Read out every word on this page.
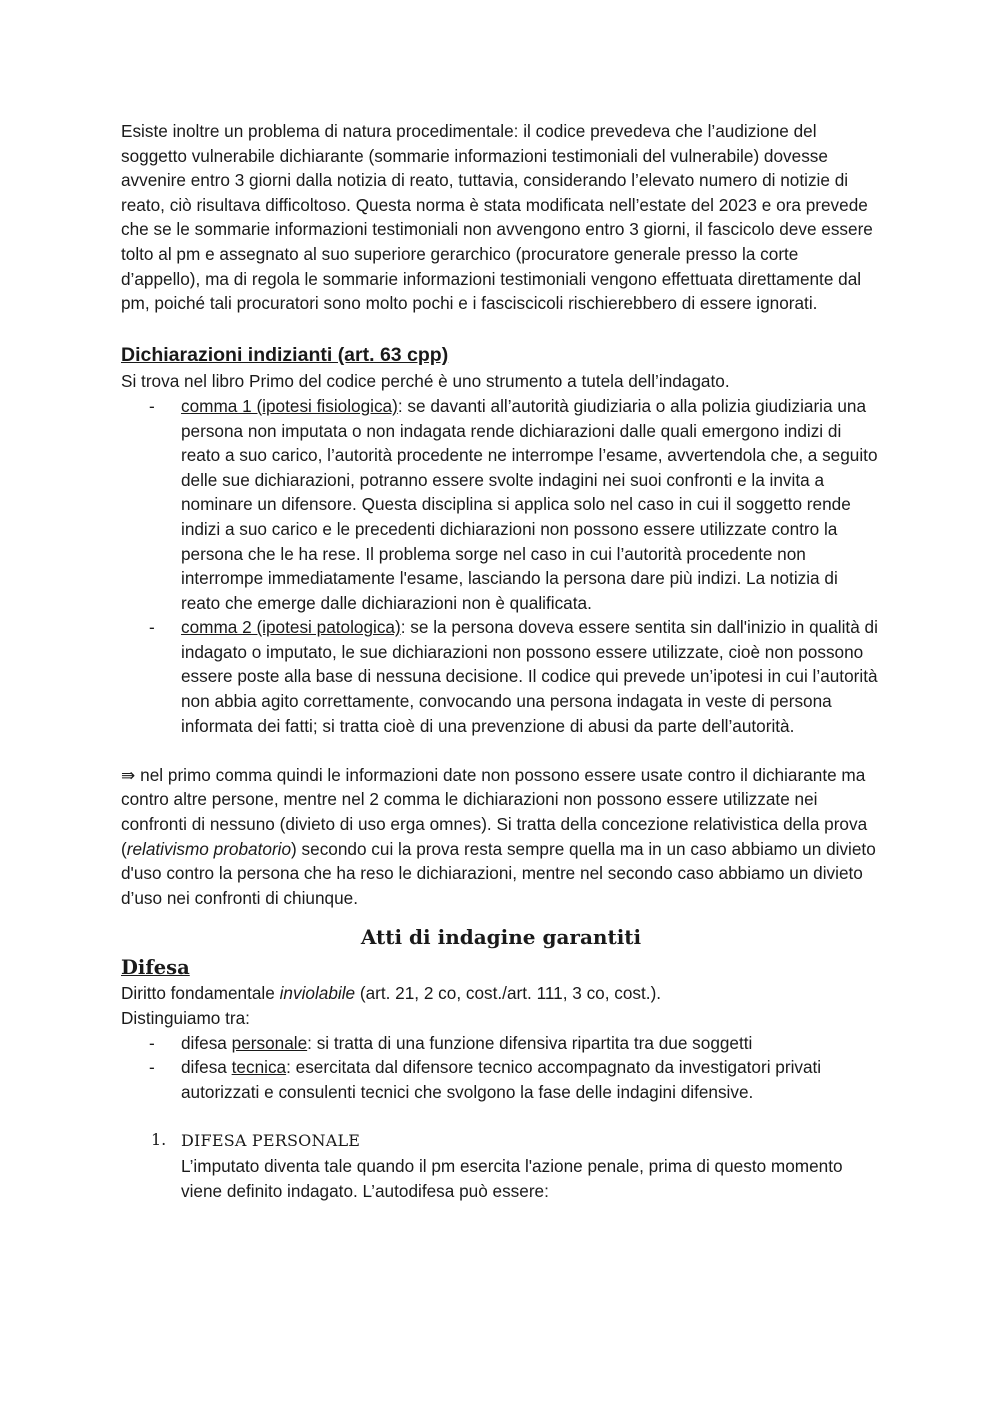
Esiste inoltre un problema di natura procedimentale: il codice prevedeva che l’audizione del soggetto vulnerabile dichiarante (sommarie informazioni testimoniali del vulnerabile) dovesse avvenire entro 3 giorni dalla notizia di reato, tuttavia, considerando l’elevato numero di notizie di reato, ciò risultava difficoltoso. Questa norma è stata modificata nell’estate del 2023 e ora prevede che se le sommarie informazioni testimoniali non avvengono entro 3 giorni, il fascicolo deve essere tolto al pm e assegnato al suo superiore gerarchico (procuratore generale presso la corte d’appello), ma di regola le sommarie informazioni testimoniali vengono effettuata direttamente dal pm, poiché tali procuratori sono molto pochi e i fasciscicoli rischierebbero di essere ignorati.

Dichiarazioni indizianti (art. 63 cpp)

Si trova nel libro Primo del codice perché è uno strumento a tutela dell’indagato.

- comma 1 (ipotesi fisiologica): se davanti all’autorità giudiziaria o alla polizia giudiziaria una persona non imputata o non indagata rende dichiarazioni dalle quali emergono indizi di reato a suo carico, l’autorità procedente ne interrompe l’esame, avvertendola che, a seguito delle sue dichiarazioni, potranno essere svolte indagini nei suoi confronti e la invita a nominare un difensore. Questa disciplina si applica solo nel caso in cui il soggetto rende indizi a suo carico e le precedenti dichiarazioni non possono essere utilizzate contro la persona che le ha rese. Il problema sorge nel caso in cui l’autorità procedente non interrompe immediatamente l'esame, lasciando la persona dare più indizi. La notizia di reato che emerge dalle dichiarazioni non è qualificata.
- comma 2 (ipotesi patologica): se la persona doveva essere sentita sin dall'inizio in qualità di indagato o imputato, le sue dichiarazioni non possono essere utilizzate, cioè non possono essere poste alla base di nessuna decisione. Il codice qui prevede un’ipotesi in cui l’autorità non abbia agito correttamente, convocando una persona indagata in veste di persona informata dei fatti; si tratta cioè di una prevenzione di abusi da parte dell’autorità.

⇛ nel primo comma quindi le informazioni date non possono essere usate contro il dichiarante ma contro altre persone, mentre nel 2 comma le dichiarazioni non possono essere utilizzate nei confronti di nessuno (divieto di uso erga omnes). Si tratta della concezione relativistica della prova (relativismo probatorio) secondo cui la prova resta sempre quella ma in un caso abbiamo un divieto d'uso contro la persona che ha reso le dichiarazioni, mentre nel secondo caso abbiamo un divieto d’uso nei confronti di chiunque.

Atti di indagine garantiti
Difesa

Diritto fondamentale inviolabile (art. 21, 2 co, cost./art. 111, 3 co, cost.).

Distinguiamo tra:

- difesa personale: si tratta di una funzione difensiva ripartita tra due soggetti
- difesa tecnica: esercitata dal difensore tecnico accompagnato da investigatori privati autorizzati e consulenti tecnici che svolgono la fase delle indagini difensive.
1. DIFESA PERSONALE

L’imputato diventa tale quando il pm esercita l'azione penale, prima di questo momento viene definito indagato. L’autodifesa può essere:
